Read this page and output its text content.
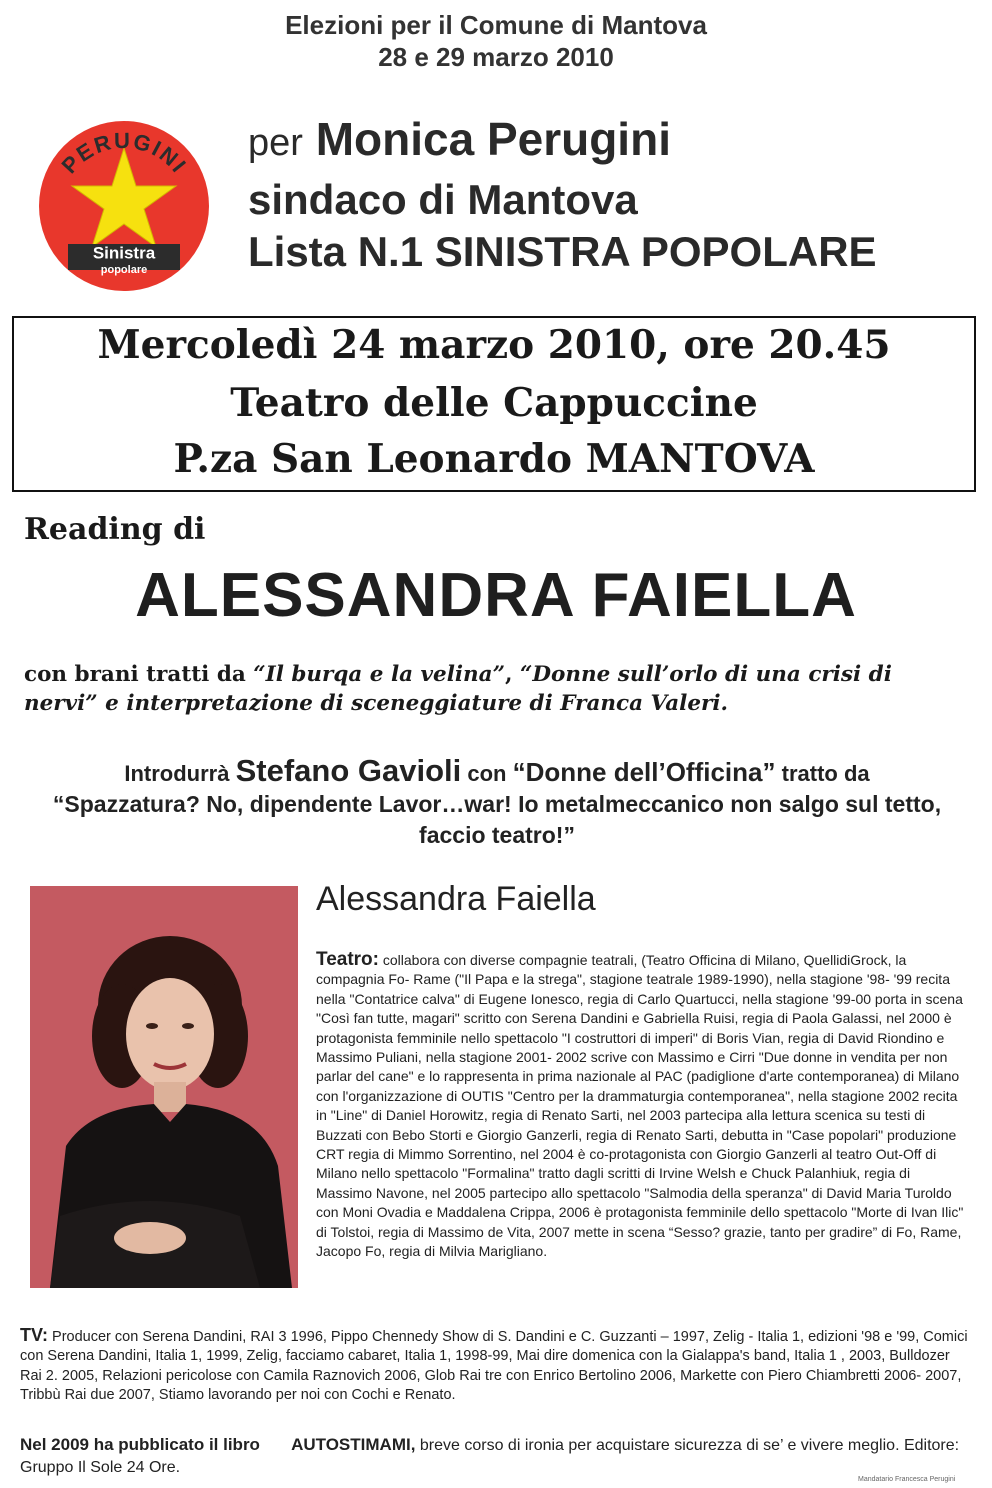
Elezioni per il Comune di Mantova
28 e 29 marzo 2010
PERUGINI
Sinistra
popolare
per Monica Perugini
sindaco di Mantova
Lista N.1 SINISTRA POPOLARE
Mercoledì 24 marzo 2010, ore 20.45
Teatro delle Cappuccine
P.za San Leonardo MANTOVA
Reading di
ALESSANDRA FAIELLA
con brani tratti da “Il burqa e la velina”, “Donne sull’orlo di una crisi di nervi” e interpretazione di sceneggiature di Franca Valeri.
Introdurrà Stefano Gavioli con “Donne dell’Officina” tratto da
“Spazzatura? No, dipendente Lavor…war! Io metalmeccanico non salgo sul tetto, faccio teatro!”
Alessandra Faiella
Teatro: collabora con diverse compagnie teatrali, (Teatro Officina di Milano, QuellidiGrock, la compagnia Fo- Rame ("Il Papa e la strega", stagione teatrale 1989-1990), nella stagione '98- '99 recita nella "Contatrice calva" di Eugene Ionesco, regia di Carlo Quartucci, nella stagione '99-00 porta in scena "Così fan tutte, magari" scritto con Serena Dandini e Gabriella Ruisi, regia di Paola Galassi, nel 2000 è protagonista femminile nello spettacolo "I costruttori di imperi" di Boris Vian, regia di David Riondino e Massimo Puliani, nella stagione 2001- 2002 scrive con Massimo e Cirri "Due donne in vendita per non parlar del cane" e lo rappresenta in prima nazionale al PAC (padiglione d'arte contemporanea) di Milano con l'organizzazione di OUTIS "Centro per la drammaturgia contemporanea", nella stagione 2002 recita in "Line" di Daniel Horowitz, regia di Renato Sarti, nel 2003 partecipa alla lettura scenica su testi di Buzzati con Bebo Storti e Giorgio Ganzerli, regia di Renato Sarti, debutta in "Case popolari" produzione CRT regia di Mimmo Sorrentino, nel 2004 è co-protagonista con Giorgio Ganzerli al teatro Out-Off di Milano nello spettacolo "Formalina" tratto dagli scritti di Irvine Welsh e Chuck Palanhiuk, regia di Massimo Navone, nel 2005 partecipo allo spettacolo "Salmodia della speranza" di David Maria Turoldo con Moni Ovadia e Maddalena Crippa, 2006 è protagonista femminile dello spettacolo "Morte di Ivan Ilic" di Tolstoi, regia di Massimo de Vita, 2007 mette in scena “Sesso? grazie, tanto per gradire” di Fo, Rame, Jacopo Fo, regia di Milvia Marigliano.
TV: Producer con Serena Dandini, RAI 3 1996, Pippo Chennedy Show di S. Dandini e C. Guzzanti – 1997, Zelig - Italia 1, edizioni '98 e '99, Comici con Serena Dandini, Italia 1, 1999, Zelig, facciamo cabaret, Italia 1, 1998-99, Mai dire domenica con la Gialappa's band, Italia 1 , 2003, Bulldozer Rai 2. 2005, Relazioni pericolose con Camila Raznovich 2006, Glob Rai tre con Enrico Bertolino 2006, Markette con Piero Chiambretti 2006- 2007, Tribbù Rai due 2007, Stiamo lavorando per noi con Cochi e Renato.
Nel 2009 ha pubblicato il libro AUTOSTIMAMI, breve corso di ironia per acquistare sicurezza di se’ e vivere meglio. Editore: Gruppo Il Sole 24 Ore.
Mandatario Francesca Perugini
